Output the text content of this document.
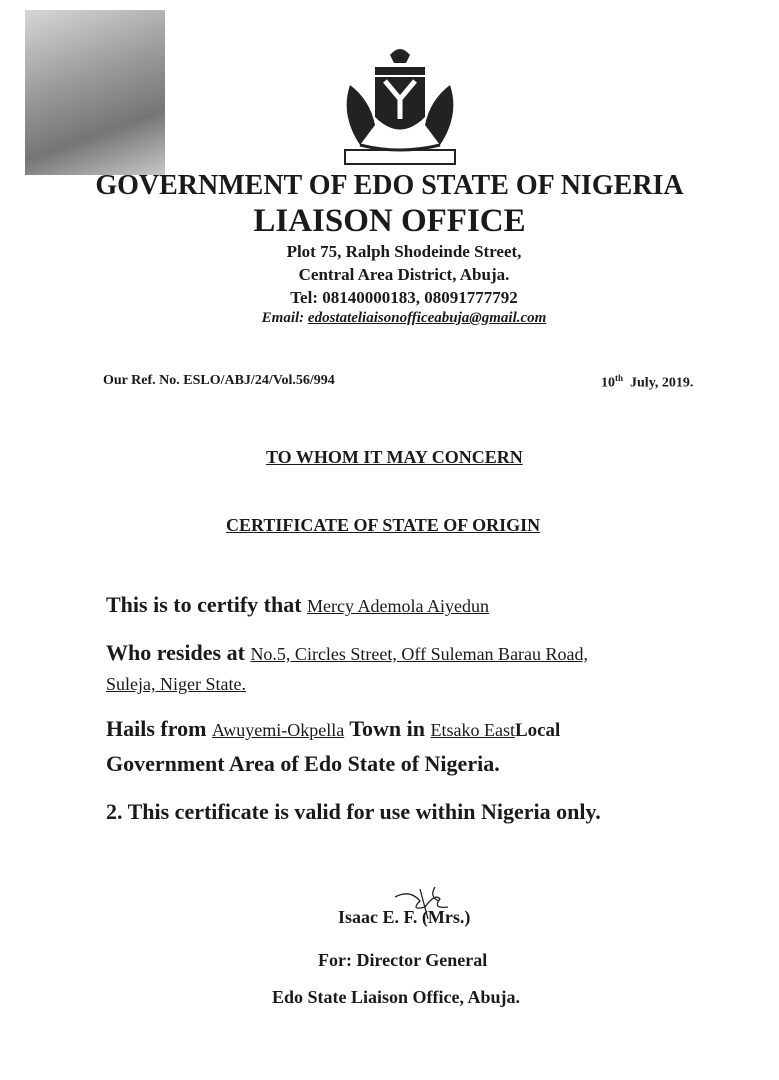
GOVERNMENT OF EDO STATE OF NIGERIA
LIAISON OFFICE
Plot 75, Ralph Shodeinde Street,
Central Area District, Abuja.
Tel: 08140000183, 08091777792
Email: edostateliaisonofficeabuja@gmail.com
Our Ref. No. ESLO/ABJ/24/Vol.56/994	10th July, 2019.
TO WHOM IT MAY CONCERN
CERTIFICATE OF STATE OF ORIGIN
This is to certify that Mercy Ademola Aiyedun
Who resides at No.5, Circles Street, Off Suleman Barau Road,
Suleja, Niger State.
Hails from Awuyemi-Okpella Town in Etsako EastLocal
Government Area of Edo State of Nigeria.
2. This certificate is valid for use within Nigeria only.
Isaac E. F. (Mrs.)
For: Director General
Edo State Liaison Office, Abuja.
